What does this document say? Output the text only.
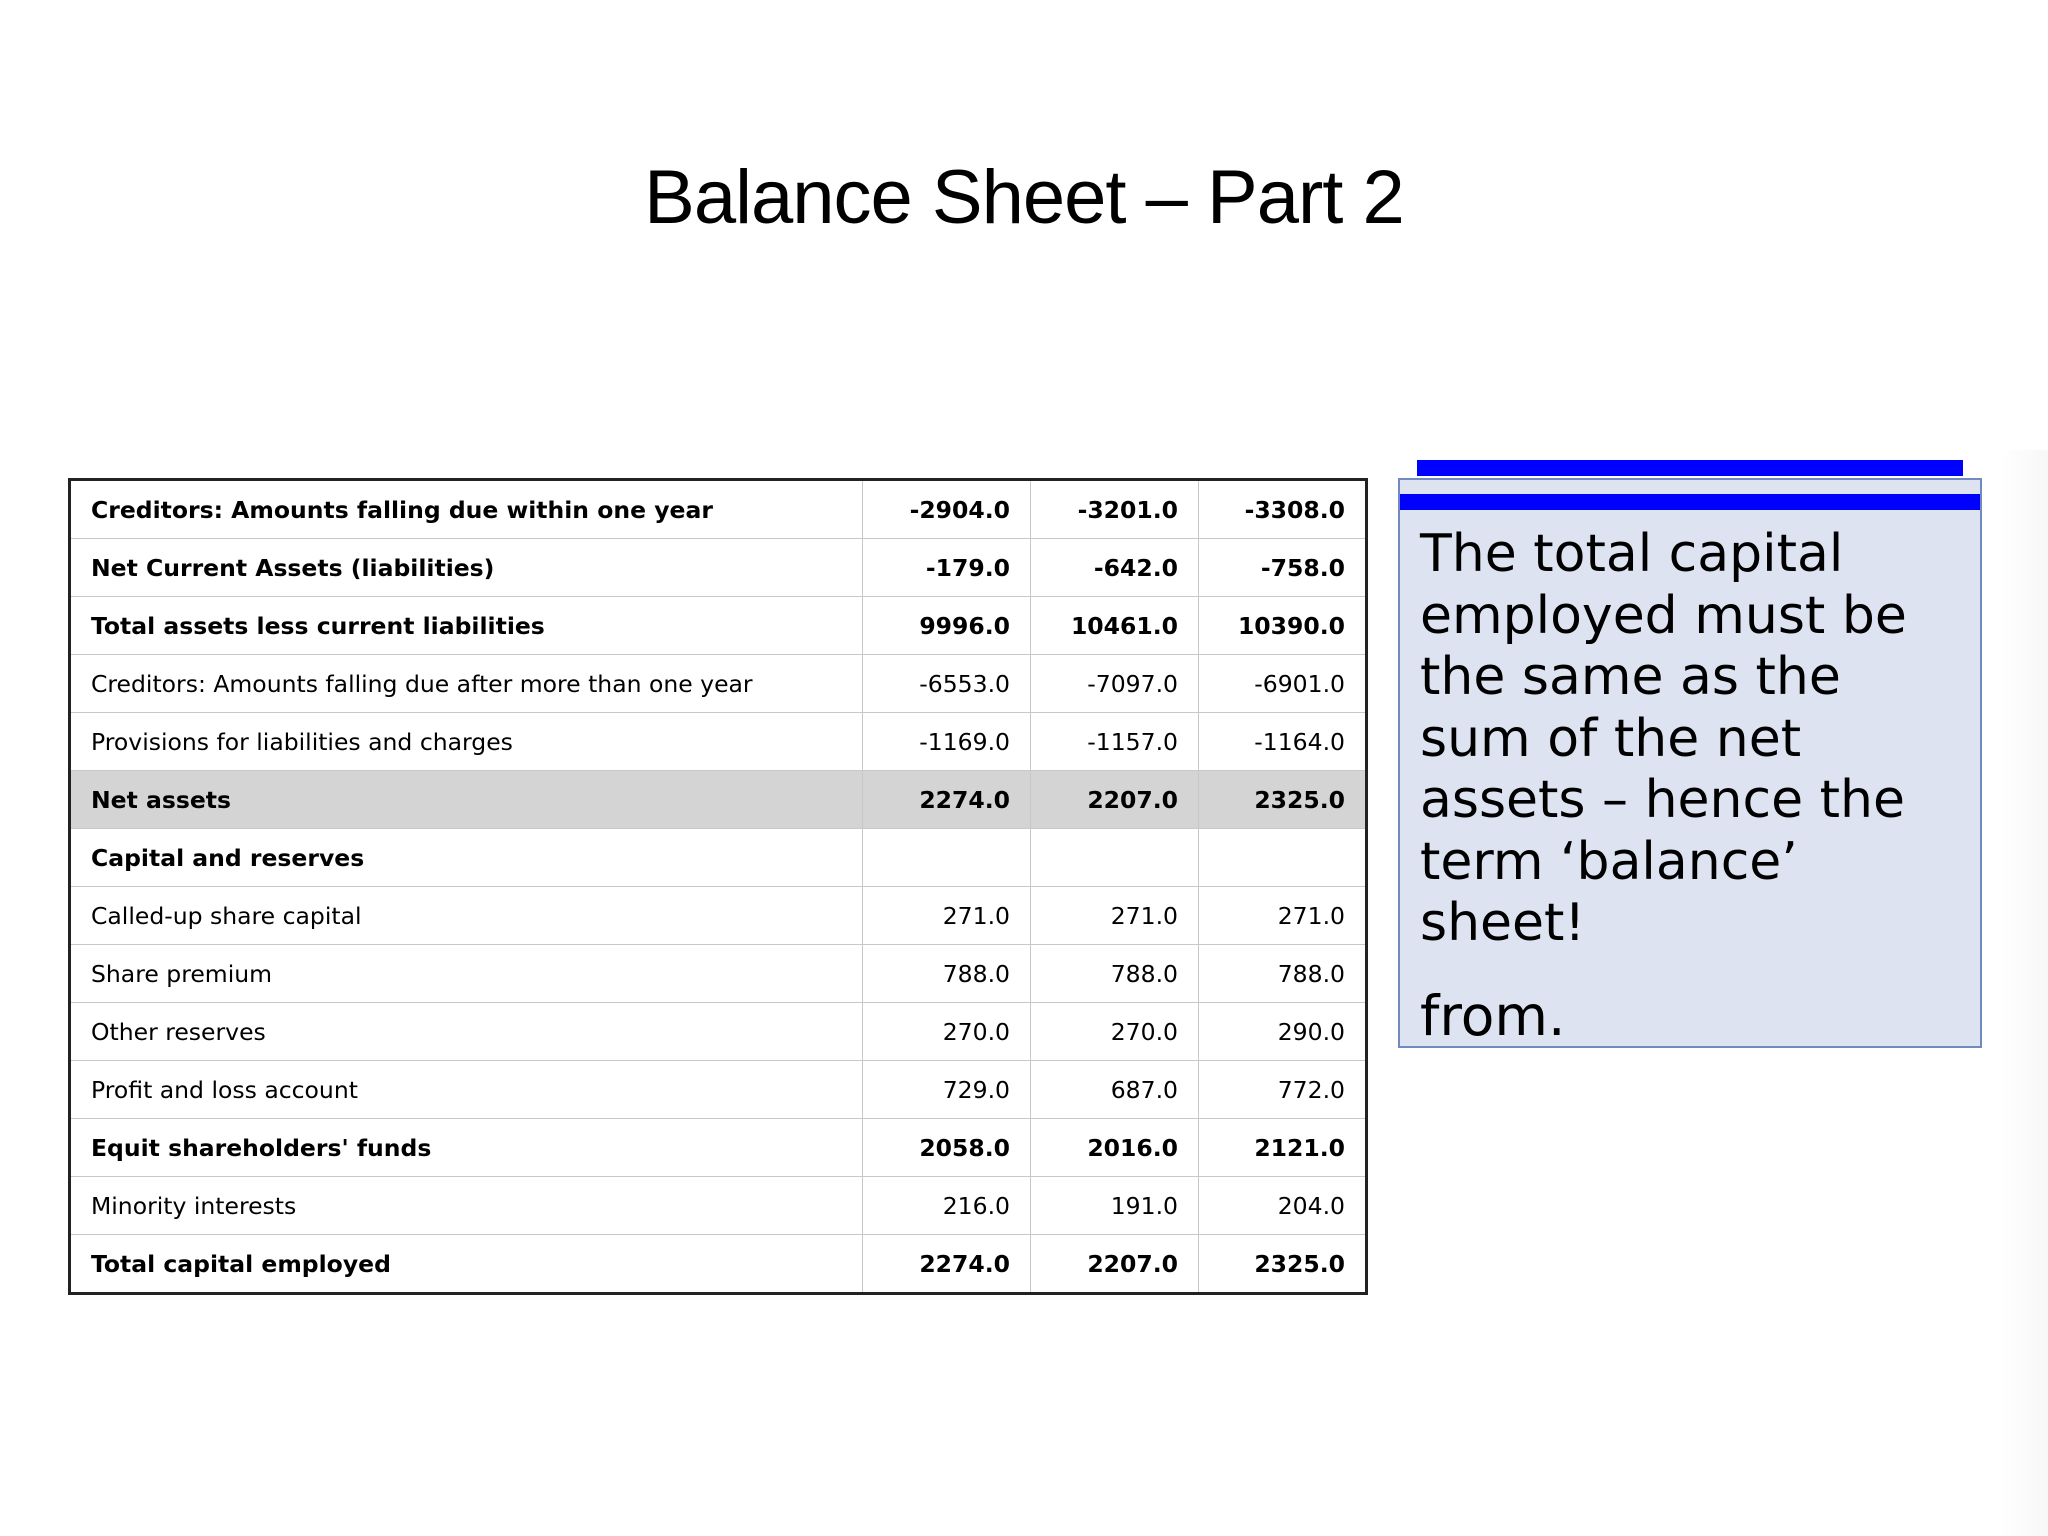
Balance Sheet – Part 2
Creditors: Amounts falling due within one year	-2904.0	-3201.0	-3308.0
Net Current Assets (liabilities)	-179.0	-642.0	-758.0
Total assets less current liabilities	9996.0	10461.0	10390.0
Creditors: Amounts falling due after more than one year	-6553.0	-7097.0	-6901.0
Provisions for liabilities and charges	-1169.0	-1157.0	-1164.0
Net assets	2274.0	2207.0	2325.0
Capital and reserves			
Called-up share capital	271.0	271.0	271.0
Share premium	788.0	788.0	788.0
Other reserves	270.0	270.0	290.0
Profit and loss account	729.0	687.0	772.0
Equit shareholders' funds	2058.0	2016.0	2121.0
Minority interests	216.0	191.0	204.0
Total capital employed	2274.0	2207.0	2325.0

The total capital employed must be the same as the sum of the net assets – hence the term ‘balance’ sheet!

from.
